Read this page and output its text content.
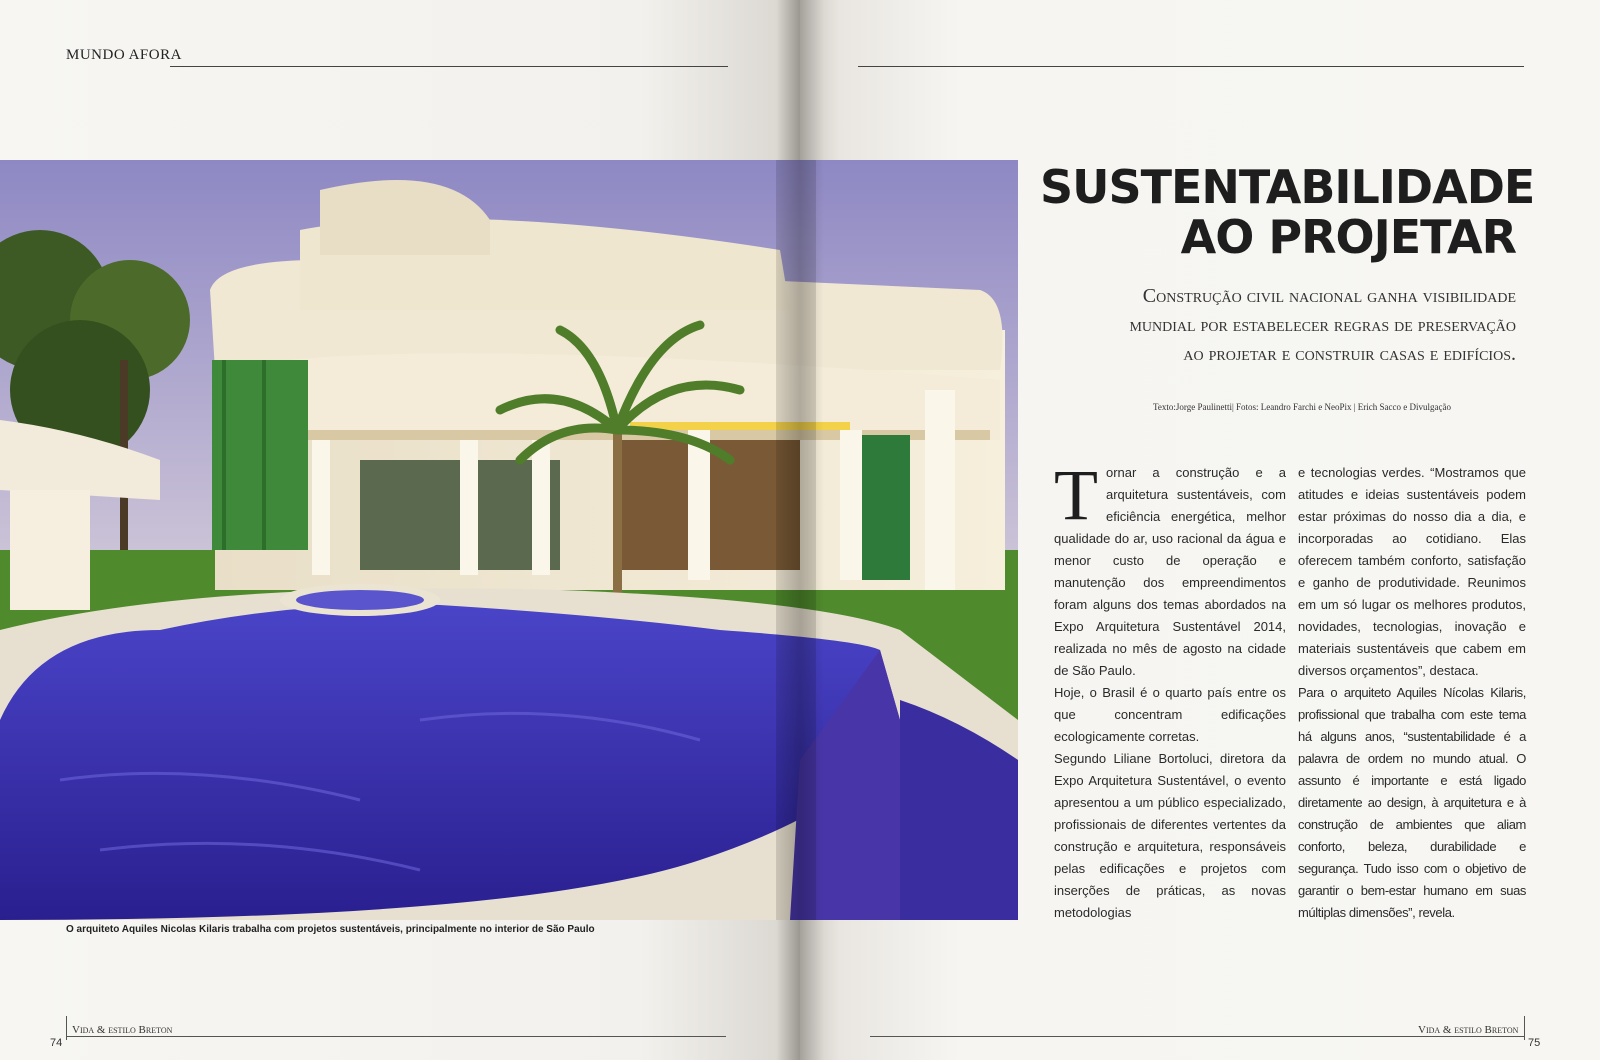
MUNDO AFORA
O arquiteto Aquiles Nicolas Kilaris trabalha com projetos sustentáveis, principalmente no interior de São Paulo
SUSTENTABILIDADE
AO PROJETAR
Construção civil nacional ganha visibilidade
mundial por estabelecer regras de preservação
ao projetar e construir casas e edifícios.
Texto:Jorge Paulinetti| Fotos: Leandro Farchi e NeoPix | Erich Sacco e Divulgação
T ornar a construção e a arquitetura sustentáveis, com eficiência energética, melhor qualidade do ar, uso racional da água e menor custo de operação e manutenção dos empreendimentos foram alguns dos temas abordados na Expo Arquitetura Sustentável 2014, realizada no mês de agosto na cidade de São Paulo.

Hoje, o Brasil é o quarto país entre os que concentram edificações ecologicamente corretas.

Segundo Liliane Bortoluci, diretora da Expo Arquitetura Sustentável, o evento apresentou a um público especializado, profissionais de diferentes vertentes da construção e arquitetura, responsáveis pelas edificações e projetos com inserções de práticas, as novas metodologias

e tecnologias verdes. “Mostramos que atitudes e ideias sustentáveis podem estar próximas do nosso dia a dia, e incorporadas ao cotidiano. Elas oferecem também conforto, satisfação e ganho de produtividade. Reunimos em um só lugar os melhores produtos, novidades, tecnologias, inovação e materiais sustentáveis que cabem em diversos orçamentos”, destaca.

Para o arquiteto Aquiles Nícolas Kilaris, profissional que trabalha com este tema há alguns anos, “sustentabilidade é a palavra de ordem no mundo atual. O assunto é importante e está ligado diretamente ao design, à arquitetura e à construção de ambientes que aliam conforto, beleza, durabilidade e segurança. Tudo isso com o objetivo de garantir o bem-estar humano em suas múltiplas dimensões”, revela.

74
Vida & estilo Breton
75
Vida & estilo Breton
